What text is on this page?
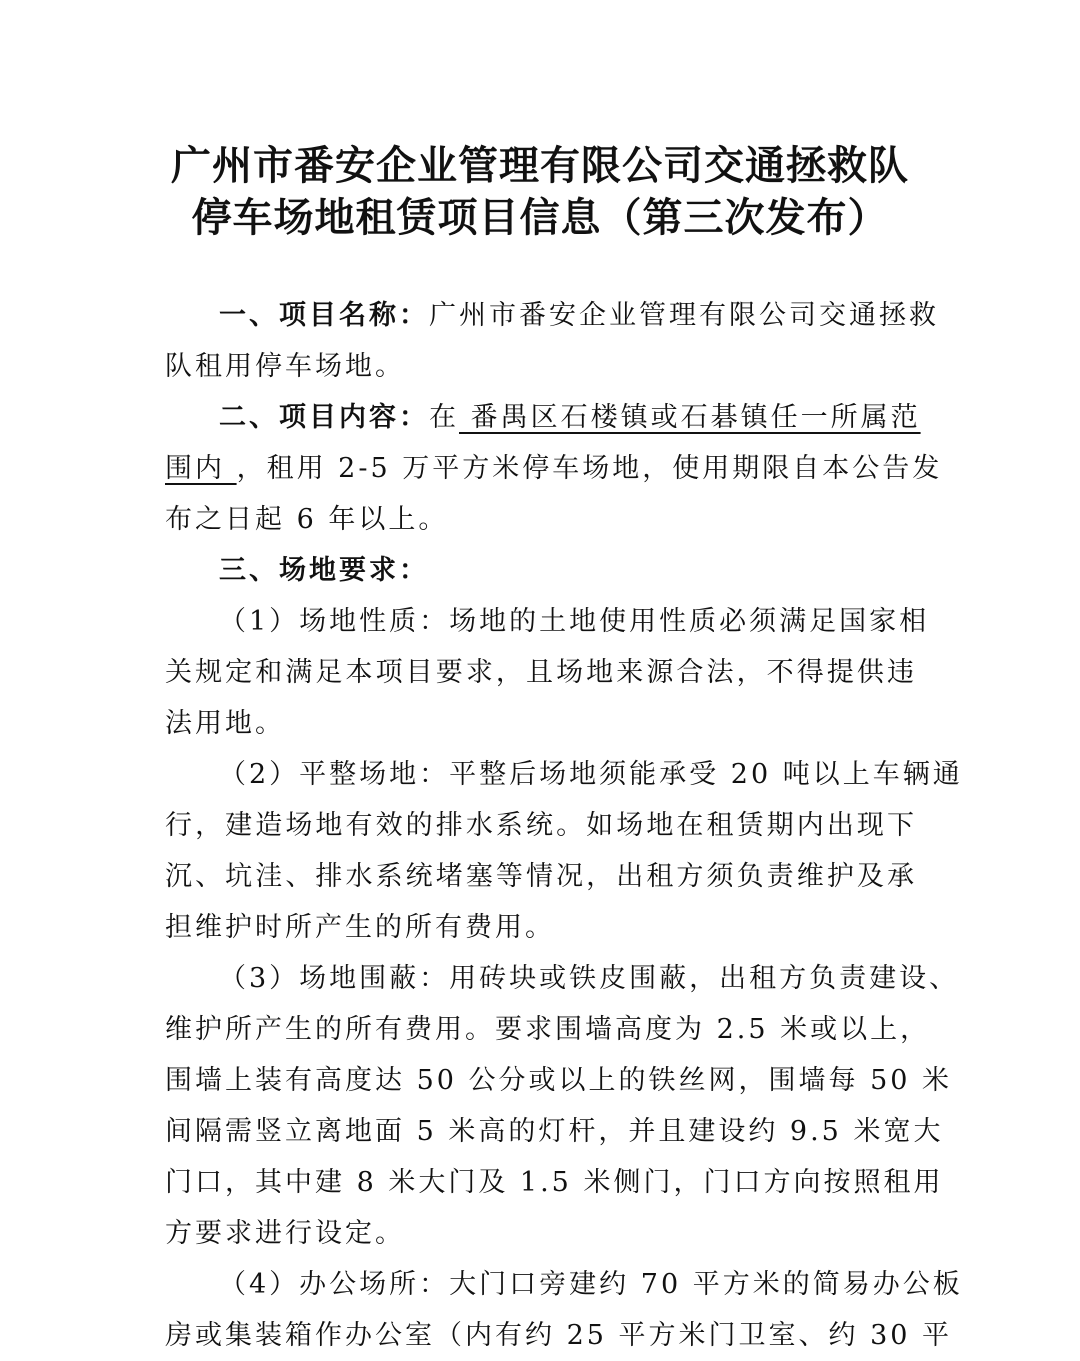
广州市番安企业管理有限公司交通拯救队
停车场地租赁项目信息（第三次发布）
一、项目名称：广州市番安企业管理有限公司交通拯救
队租用停车场地。
二、项目内容：在 番禺区石楼镇或石碁镇任一所属范
围内 ，租用 2-5 万平方米停车场地，使用期限自本公告发
布之日起 6 年以上。
三、场地要求：
（1）场地性质：场地的土地使用性质必须满足国家相
关规定和满足本项目要求，且场地来源合法，不得提供违
法用地。
（2）平整场地：平整后场地须能承受 20 吨以上车辆通
行，建造场地有效的排水系统。如场地在租赁期内出现下
沉、坑洼、排水系统堵塞等情况，出租方须负责维护及承
担维护时所产生的所有费用。
（3）场地围蔽：用砖块或铁皮围蔽，出租方负责建设、
维护所产生的所有费用。要求围墙高度为 2.5 米或以上，
围墙上装有高度达 50 公分或以上的铁丝网，围墙每 50 米
间隔需竖立离地面 5 米高的灯杆，并且建设约 9.5 米宽大
门口，其中建 8 米大门及 1.5 米侧门，门口方向按照租用
方要求进行设定。
（4）办公场所：大门口旁建约 70 平方米的简易办公板
房或集装箱作办公室（内有约 25 平方米门卫室、约 30 平
